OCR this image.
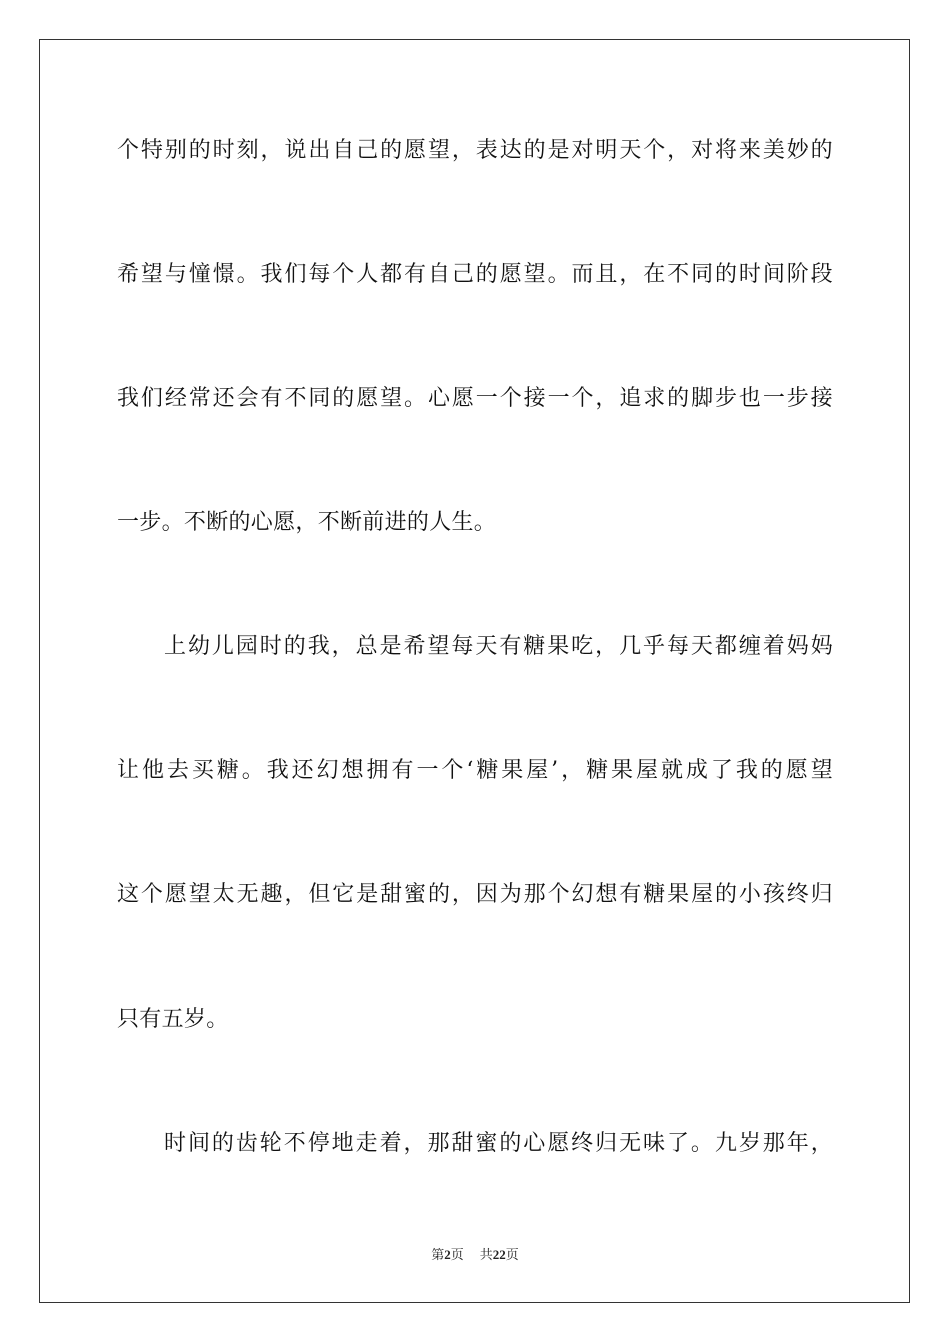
个特别的时刻，说出自己的愿望，表达的是对明天个，对将来美妙的
希望与憧憬。我们每个人都有自己的愿望。而且，在不同的时间阶段
我们经常还会有不同的愿望。心愿一个接一个，追求的脚步也一步接
一步。不断的心愿，不断前进的人生。
上幼儿园时的我，总是希望每天有糖果吃，几乎每天都缠着妈妈
让他去买糖。我还幻想拥有一个‘糖果屋’，糖果屋就成了我的愿望
这个愿望太无趣，但它是甜蜜的，因为那个幻想有糖果屋的小孩终归
只有五岁。
时间的齿轮不停地走着，那甜蜜的心愿终归无味了。九岁那年，
第2页 共22页
